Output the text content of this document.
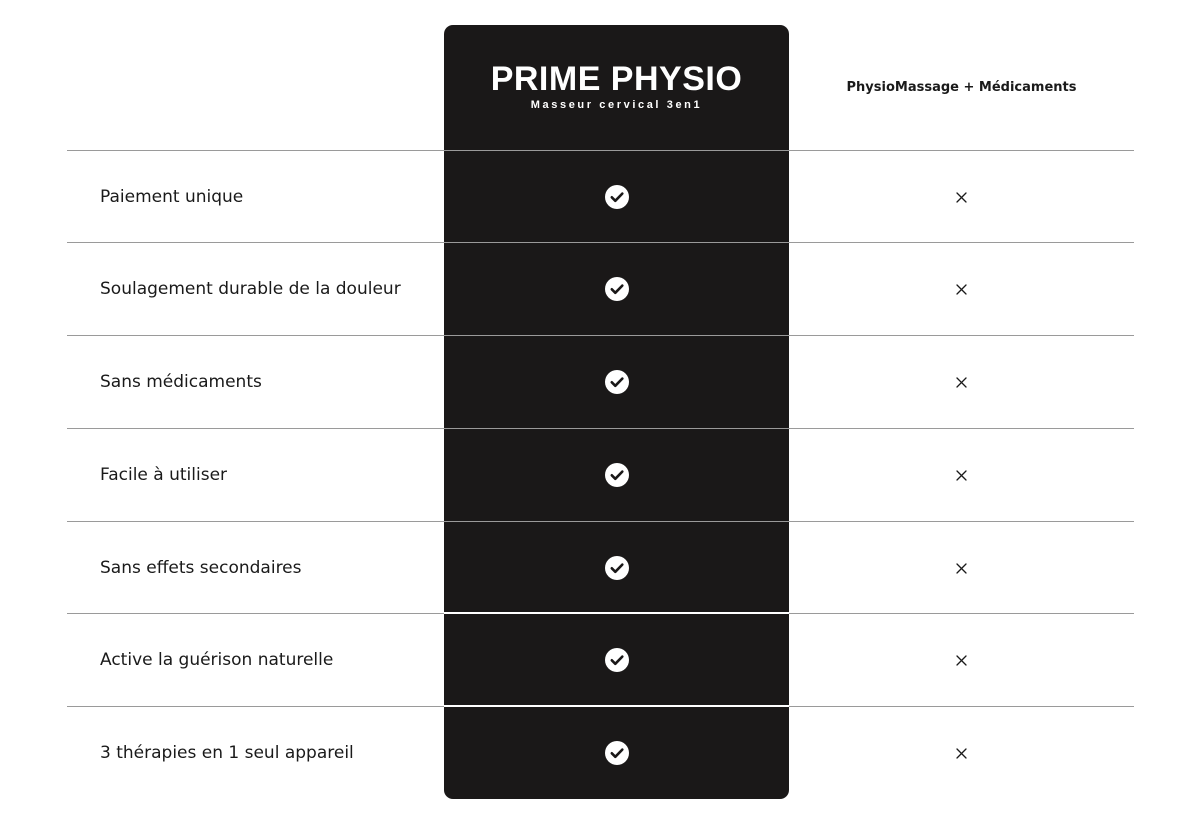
PRIME PHYSIO
Masseur cervical 3en1
PhysioMassage + Médicaments
Paiement unique
Soulagement durable de la douleur
Sans médicaments
Facile à utiliser
Sans effets secondaires
Active la guérison naturelle
3 thérapies en 1 seul appareil
